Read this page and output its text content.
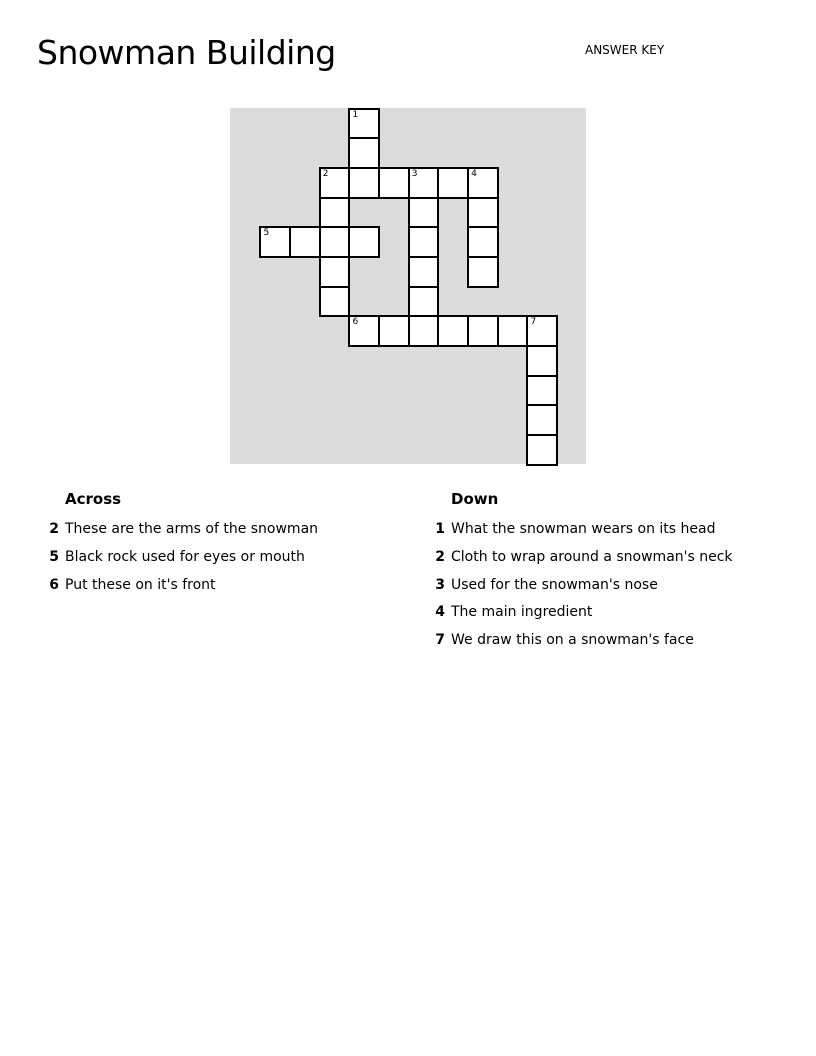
Snowman Building	ANSWER KEY
1
2	3	4
5
6	7
Across
2 These are the arms of the snowman
5 Black rock used for eyes or mouth
6 Put these on it's front
Down
1 What the snowman wears on its head
2 Cloth to wrap around a snowman's neck
3 Used for the snowman's nose
4 The main ingredient
7 We draw this on a snowman's face
